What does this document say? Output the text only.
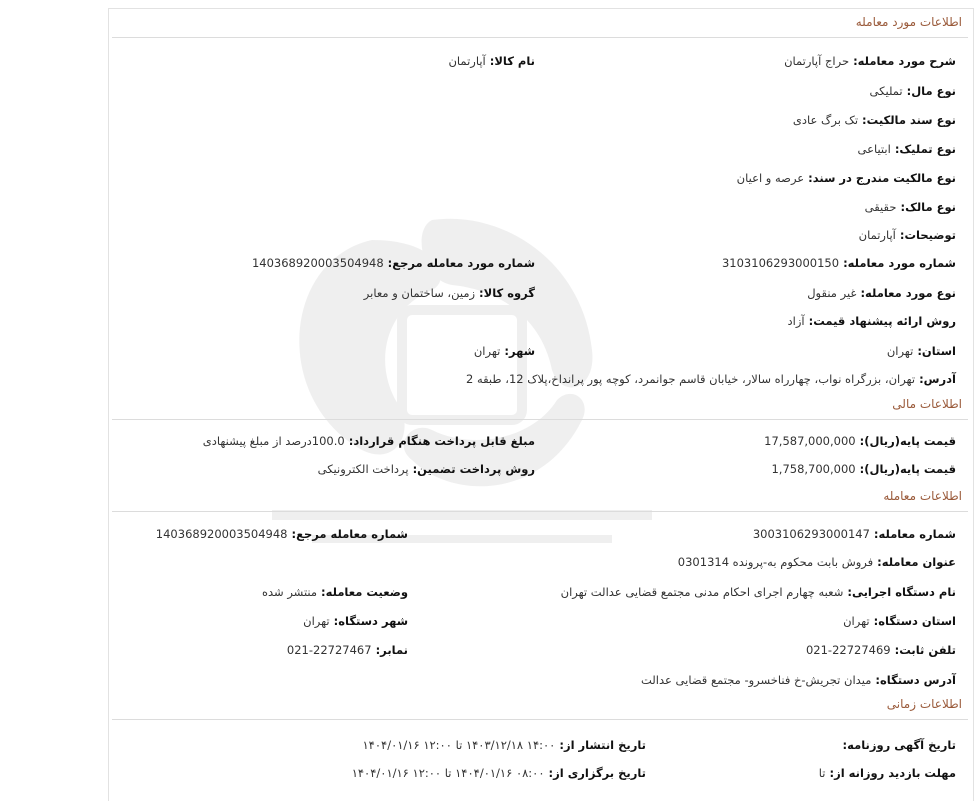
اطلاعات مورد معامله
شرح مورد معامله:حراج آپارتمان
نام کالا:آپارتمان
نوع مال:تملیکی
نوع سند مالکیت:تک برگ عادی
نوع تملیک:ابتیاعی
نوع مالکیت مندرج در سند:عرصه و اعیان
نوع مالک:حقیقی
توضیحات:آپارتمان
شماره مورد معامله:3103106293000150
شماره مورد معامله مرجع:14036892000350494‎8
نوع مورد معامله:غیر منقول
گروه کالا:زمین، ساختمان و معابر
روش ارائه پیشنهاد قیمت:آزاد
استان:تهران
شهر:تهران
آدرس:تهران، بزرگراه نواب، چهارراه سالار، خیابان قاسم جوانمرد، کوچه پور پرانداخ،پلاک 12، طبقه 2
اطلاعات مالی
قیمت پایه(ریال):17,587,000,000
مبلغ قابل پرداخت هنگام قرارداد:100.0درصد از مبلغ پیشنهادی
قیمت پایه(ریال):1,758,700,000
روش پرداخت تضمین:پرداخت الکترونیکی
اطلاعات معامله
شماره معامله:3003106293000147
شماره معامله مرجع:14036892000350494‎8
عنوان معامله:فروش بابت محکوم به-پرونده 0301314
نام دستگاه اجرایی:شعبه چهارم اجرای احکام مدنی مجتمع قضایی عدالت تهران
وضعیت معامله:منتشر شده
استان دستگاه:تهران
شهر دستگاه:تهران
تلفن ثابت:22727469-021
نمابر:22727467-021
آدرس دستگاه:میدان تجریش-خ فناخسرو- مجتمع قضایی عدالت
اطلاعات زمانی
تاریخ آگهی روزنامه:
تاریخ انتشار از:۱۴:۰۰ ۱۴۰۳/۱۲/۱۸ تا ۱۲:۰۰ ۱۴۰۴/۰۱/۱۶
مهلت بازدید روزانه از:تا
تاریخ برگزاری از:۰۸:۰۰ ۱۴۰۴/۰۱/۱۶ تا ۱۲:۰۰ ۱۴۰۴/۰۱/۱۶
